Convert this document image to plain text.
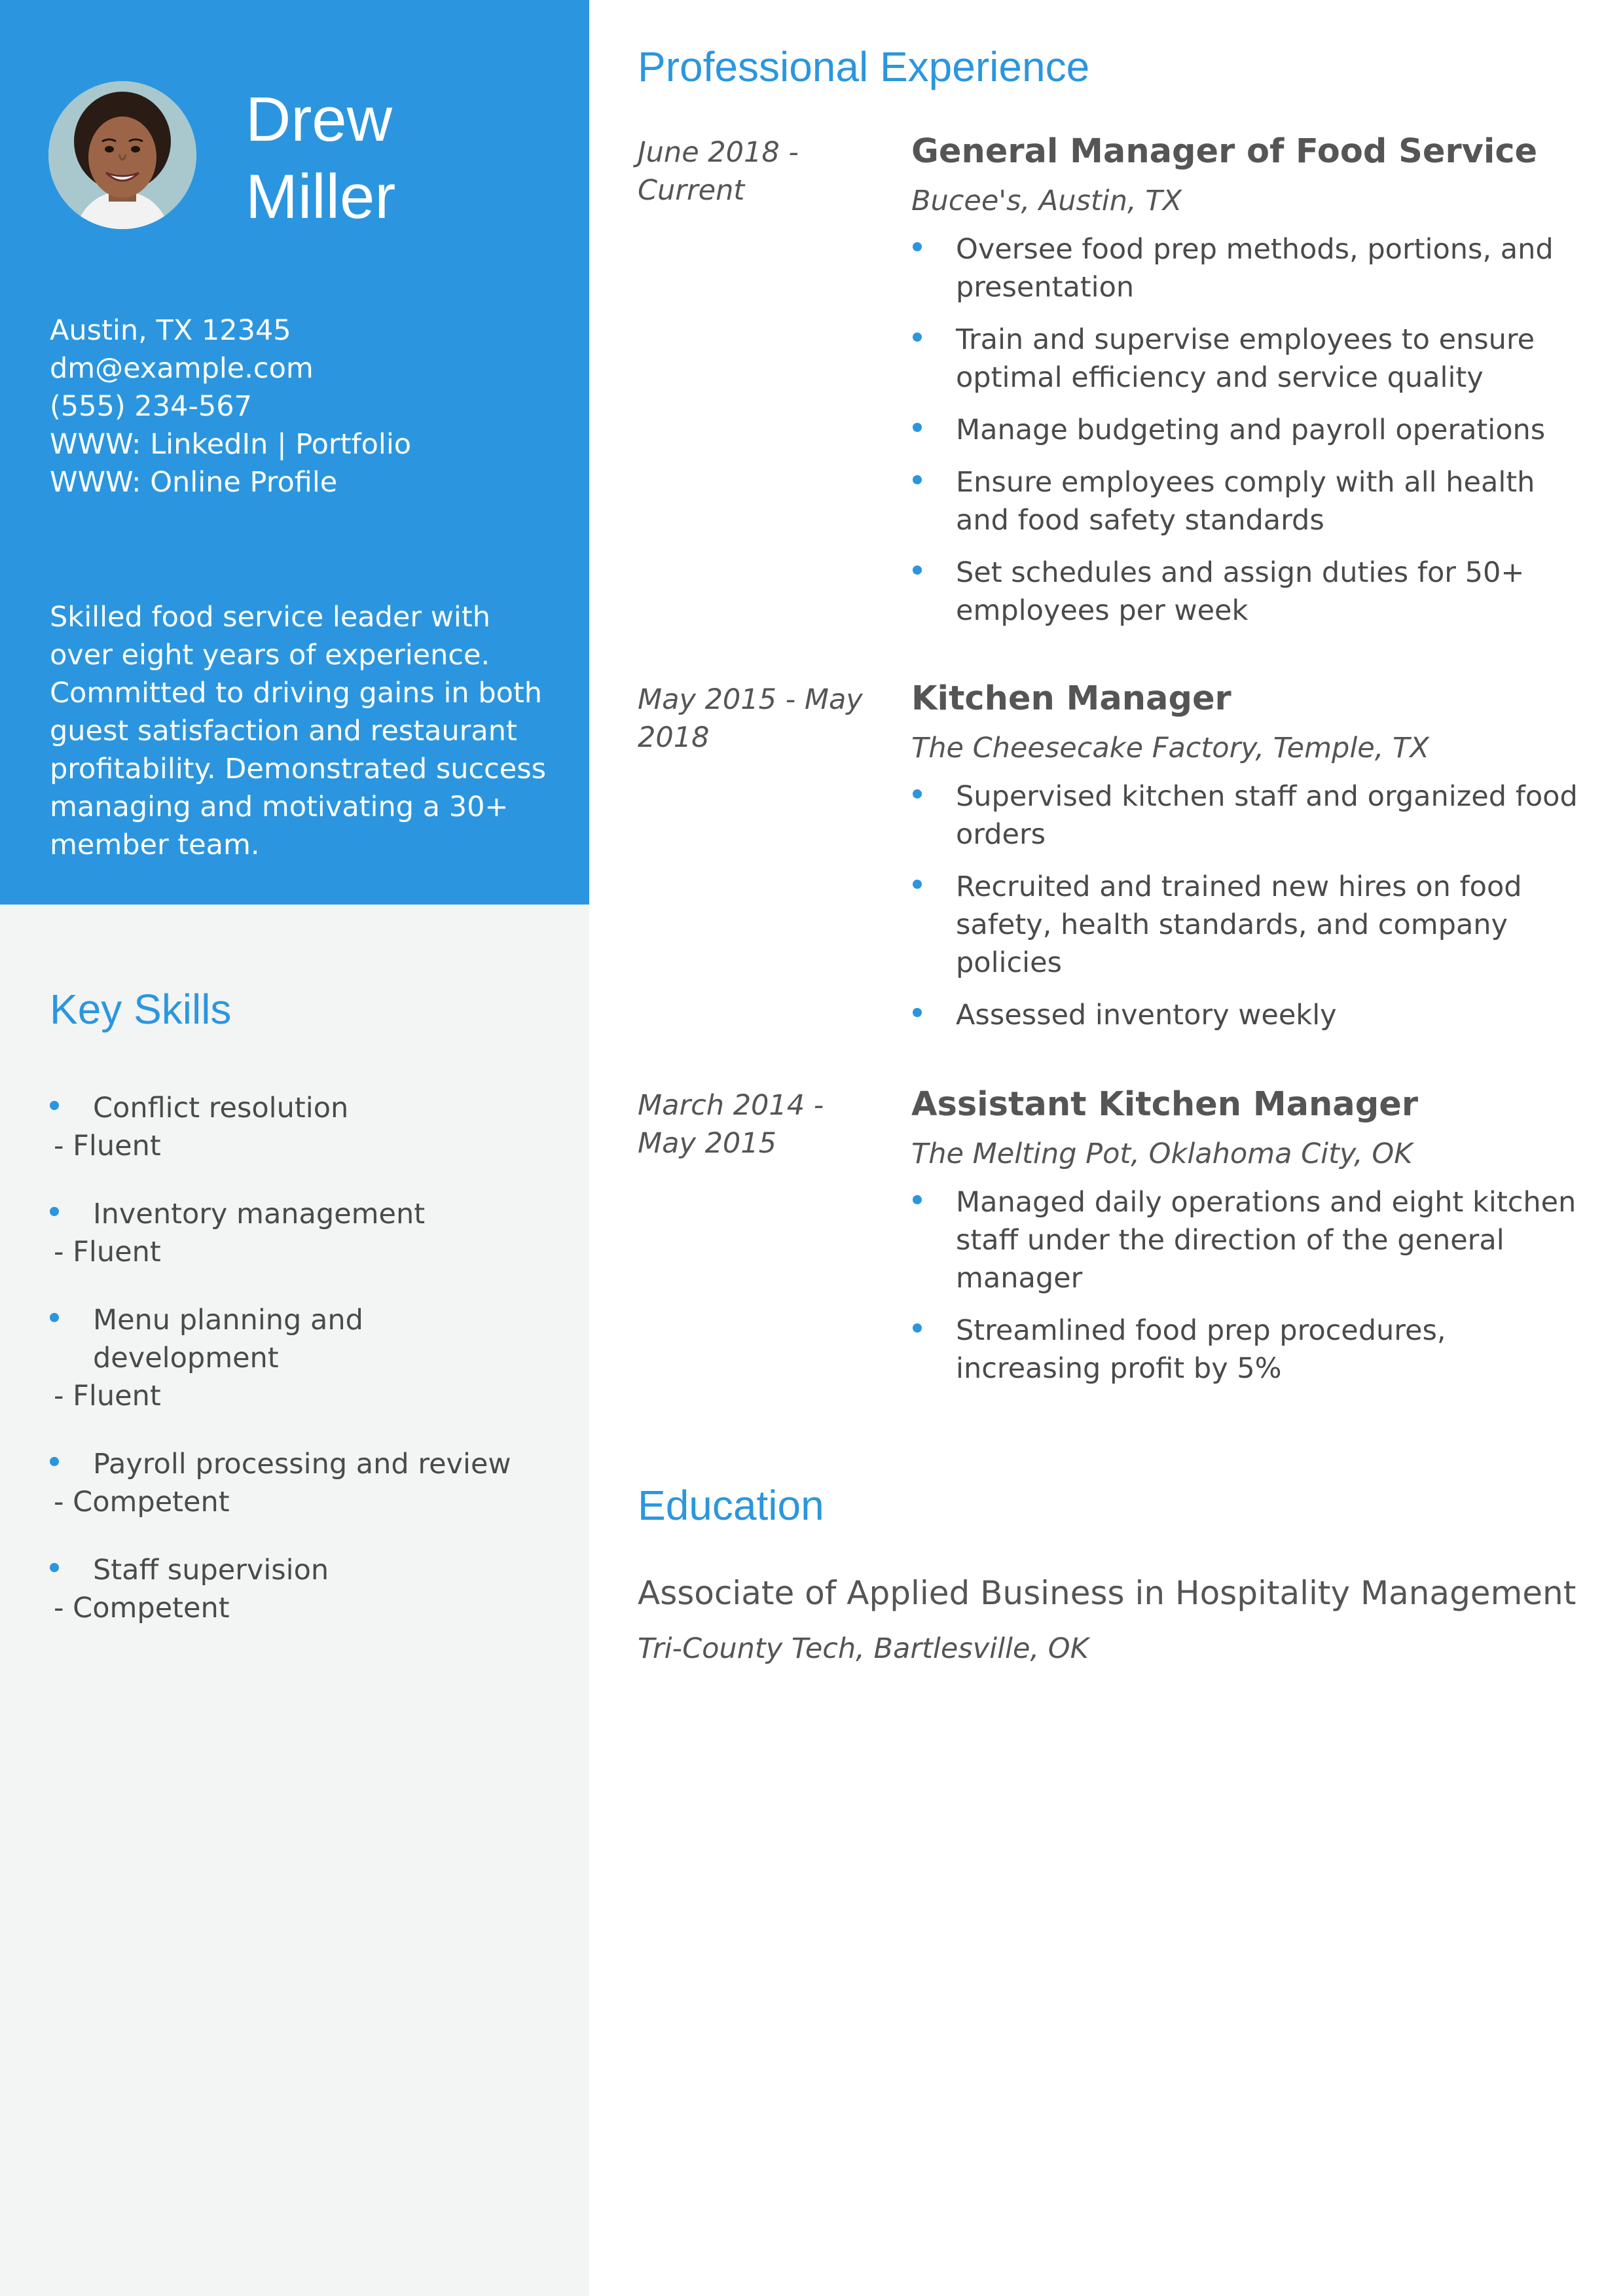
Drew
Miller
Austin, TX 12345
dm@example.com
(555) 234-567
WWW: LinkedIn | Portfolio
WWW: Online Profile
Skilled food service leader with over eight years of experience. Committed to driving gains in both guest satisfaction and restaurant profitability. Demonstrated success managing and motivating a 30+ member team.
Key Skills
Conflict resolution
- Fluent
Inventory management
- Fluent
Menu planning and development
- Fluent
Payroll processing and review
- Competent
Staff supervision
- Competent
Professional Experience
June 2018 - Current
General Manager of Food Service
Bucee's, Austin, TX
Oversee food prep methods, portions, and presentation
Train and supervise employees to ensure optimal efficiency and service quality
Manage budgeting and payroll operations
Ensure employees comply with all health and food safety standards
Set schedules and assign duties for 50+ employees per week
May 2015 - May 2018
Kitchen Manager
The Cheesecake Factory, Temple, TX
Supervised kitchen staff and organized food orders
Recruited and trained new hires on food safety, health standards, and company policies
Assessed inventory weekly
March 2014 - May 2015
Assistant Kitchen Manager
The Melting Pot, Oklahoma City, OK
Managed daily operations and eight kitchen staff under the direction of the general manager
Streamlined food prep procedures, increasing profit by 5%
Education
Associate of Applied Business in Hospitality Management
Tri-County Tech, Bartlesville, OK
